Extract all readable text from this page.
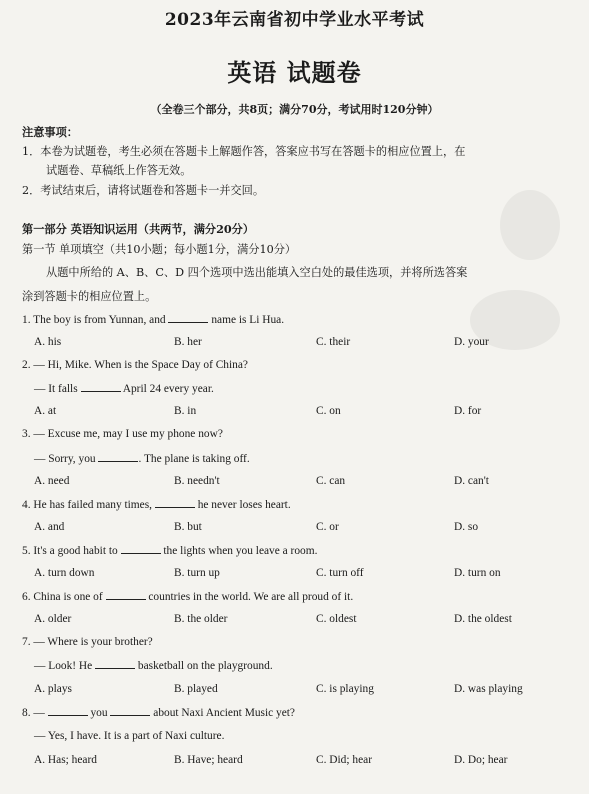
2023年云南省初中学业水平考试
英语 试题卷
（全卷三个部分，共8页；满分70分，考试用时120分钟）
注意事项：
1．本卷为试题卷，考生必须在答题卡上解题作答，答案应书写在答题卡的相应位置上，在
试题卷、草稿纸上作答无效。
2．考试结束后，请将试题卷和答题卡一并交回。
第一部分 英语知识运用（共两节，满分20分）
第一节 单项填空（共10小题；每小题1分，满分10分）
从题中所给的 A、B、C、D 四个选项中选出能填入空白处的最佳选项，并将所选答案
涂到答题卡的相应位置上。
1. The boy is from Yunnan, and	name is Li Hua.
A. his	B. her	C. their	D. your
2. — Hi, Mike. When is the Space Day of China?
— It falls	April 24 every year.
A. at	B. in	C. on	D. for
3. — Excuse me, may I use my phone now?
— Sorry, you	. The plane is taking off.
A. need	B. needn't	C. can	D. can't
4. He has failed many times,	he never loses heart.
A. and	B. but	C. or	D. so
5. It's a good habit to	the lights when you leave a room.
A. turn down	B. turn up	C. turn off	D. turn on
6. China is one of	countries in the world. We are all proud of it.
A. older	B. the older	C. oldest	D. the oldest
7. — Where is your brother?
— Look! He	basketball on the playground.
A. plays	B. played	C. is playing	D. was playing
8. —	you	about Naxi Ancient Music yet?
— Yes, I have. It is a part of Naxi culture.
A. Has; heard	B. Have; heard	C. Did; hear	D. Do; hear
